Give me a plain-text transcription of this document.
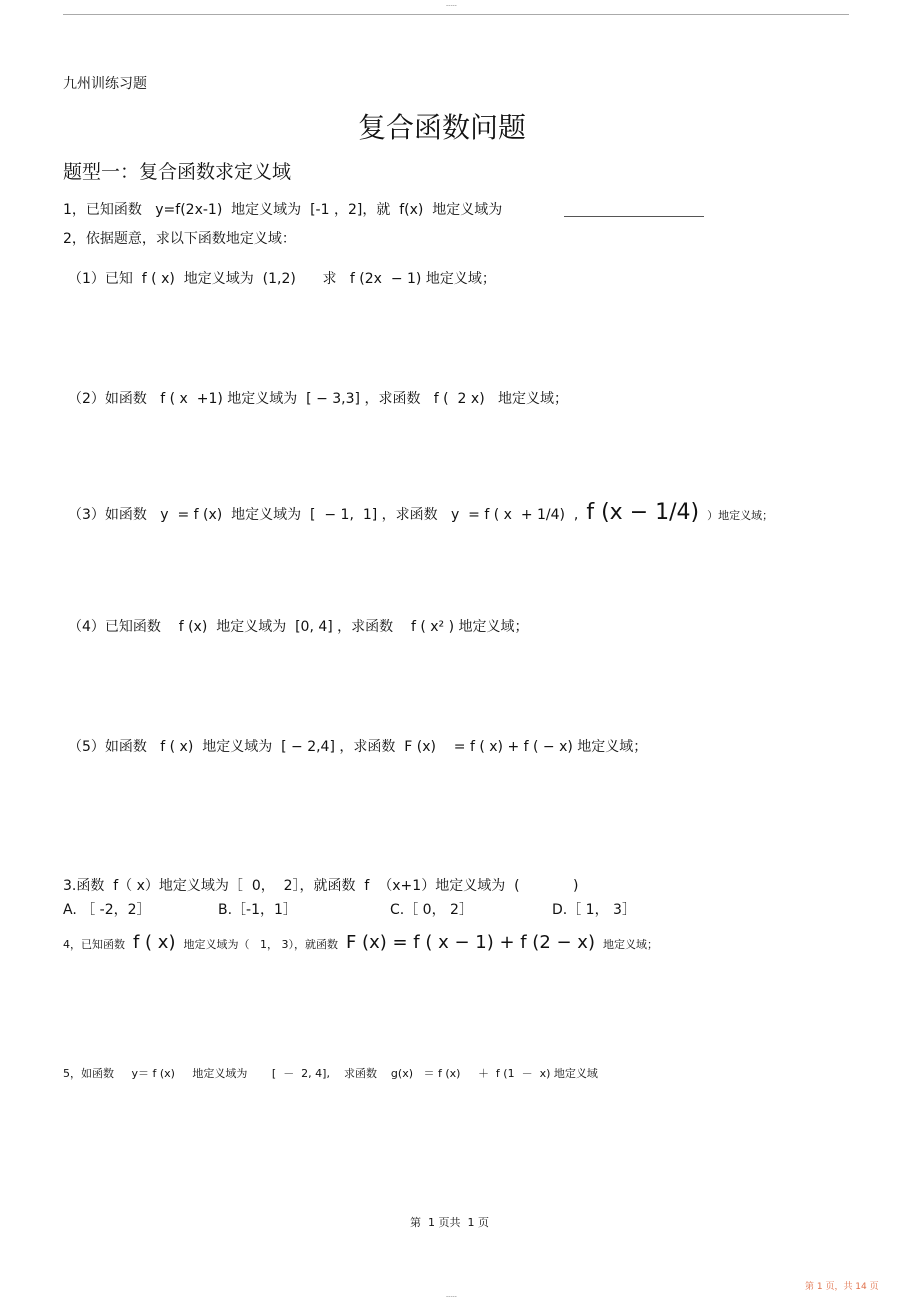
-----
九州训练习题
复合函数问题
题型一：复合函数求定义域
1，已知函数   y=f(2x-1)  地定义域为  [-1 ，2]，就  f(x)  地定义域为
2，依据题意，求以下函数地定义域：
（1）已知  f ( x)  地定义域为  (1,2)      求   f (2x  − 1) 地定义域；
（2）如函数   f ( x  +1) 地定义域为  [ − 3,3] ，求函数   f (  2 x)   地定义域；
（3）如函数   y  = f (x)  地定义域为  [  − 1,  1] ，求函数   y  = f ( x  + 1/4)  , f (x − 1/4) ）地定义域；
（4）已知函数    f (x)  地定义域为  [0, 4] ，求函数    f ( x² ) 地定义域；
（5）如函数   f ( x)  地定义域为  [ − 2,4] ，求函数  F (x)    = f ( x) + f ( − x) 地定义域；
3.函数  f（ x）地定义域为［  0，  2］，就函数  f  （x+1）地定义域为  (            )
A. ［ -2，2］	B.［-1，1］	C.［ 0， 2］	D.［ 1， 3］
4，已知函数 f ( x) 地定义域为（   1， 3），就函数 F (x) = f ( x − 1) + f (2 − x) 地定义域；
5，如函数     y＝ f (x)     地定义域为       [  －  2, 4],    求函数    g(x)   ＝ f (x)     ＋  f (1  －  x) 地定义域
第  1 页共  1 页
第 1 页，共 14 页
-----
